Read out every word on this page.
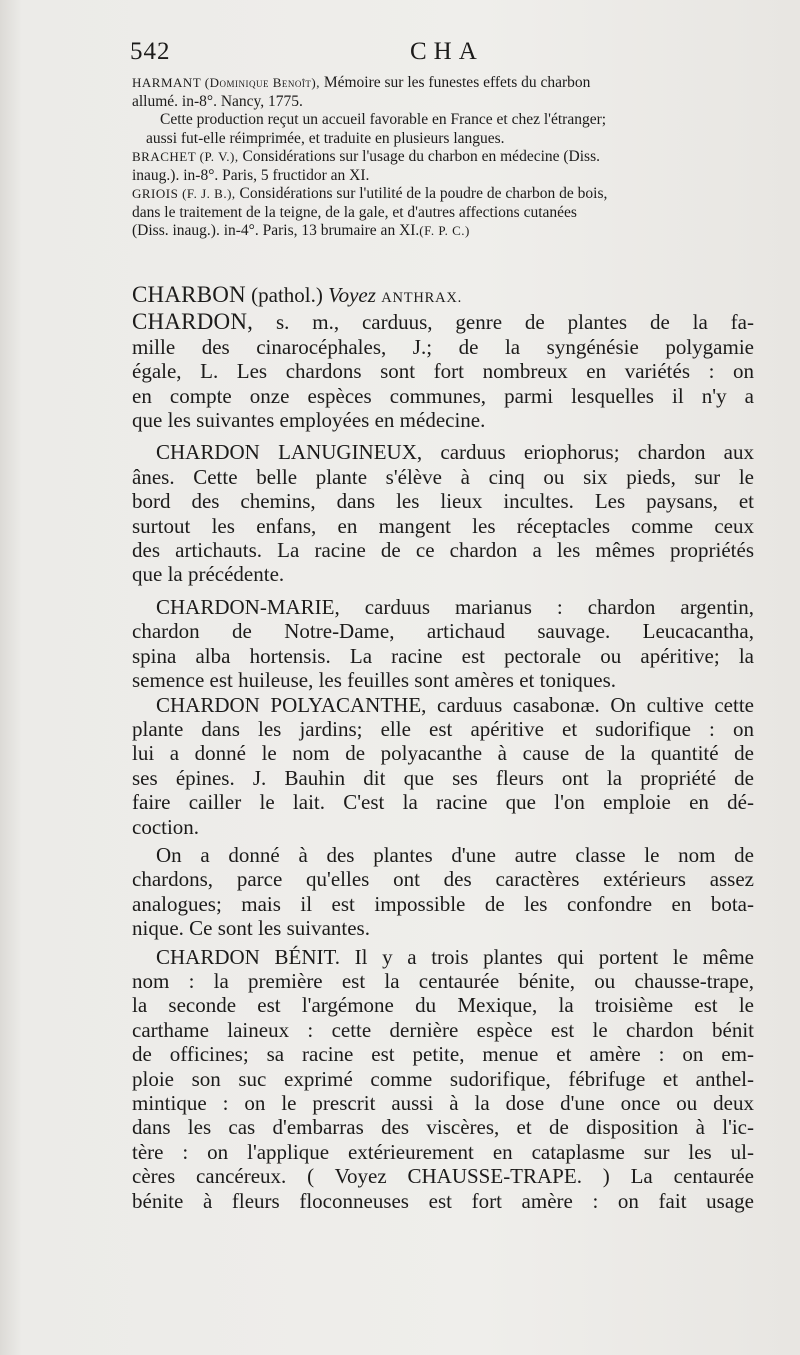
542	CHA

HARMANT (Dominique Benoît), Mémoire sur les funestes effets du charbon
allumé. in-8°. Nancy, 1775.

Cette production reçut un accueil favorable en France et chez l'étranger;
aussi fut-elle réimprimée, et traduite en plusieurs langues.

BRACHET (P. V.), Considérations sur l'usage du charbon en médecine (Diss.
inaug.). in-8°. Paris, 5 fructidor an XI.

GRIOIS (F. J. B.), Considérations sur l'utilité de la poudre de charbon de bois,
dans le traitement de la teigne, de la gale, et d'autres affections cutanées
(Diss. inaug.). in-4°. Paris, 13 brumaire an XI.(F. P. C.)

CHARBON (pathol.) Voyez ANTHRAX.

CHARDON, s. m., carduus, genre de plantes de la fa-
mille des cinarocéphales, J.; de la syngénésie polygamie
égale, L. Les chardons sont fort nombreux en variétés : on
en compte onze espèces communes, parmi lesquelles il n'y a
que les suivantes employées en médecine.

CHARDON LANUGINEUX, carduus eriophorus; chardon aux
ânes. Cette belle plante s'élève à cinq ou six pieds, sur le
bord des chemins, dans les lieux incultes. Les paysans, et
surtout les enfans, en mangent les réceptacles comme ceux
des artichauts. La racine de ce chardon a les mêmes propriétés
que la précédente.

CHARDON-MARIE, carduus marianus : chardon argentin,
chardon de Notre-Dame, artichaud sauvage. Leucacantha,
spina alba hortensis. La racine est pectorale ou apéritive; la
semence est huileuse, les feuilles sont amères et toniques.

CHARDON POLYACANTHE, carduus casabonæ. On cultive cette
plante dans les jardins; elle est apéritive et sudorifique : on
lui a donné le nom de polyacanthe à cause de la quantité de
ses épines. J. Bauhin dit que ses fleurs ont la propriété de
faire cailler le lait. C'est la racine que l'on emploie en dé-
coction.

On a donné à des plantes d'une autre classe le nom de
chardons, parce qu'elles ont des caractères extérieurs assez
analogues; mais il est impossible de les confondre en bota-
nique. Ce sont les suivantes.

CHARDON BÉNIT. Il y a trois plantes qui portent le même
nom : la première est la centaurée bénite, ou chausse-trape,
la seconde est l'argémone du Mexique, la troisième est le
carthame laineux : cette dernière espèce est le chardon bénit
de officines; sa racine est petite, menue et amère : on em-
ploie son suc exprimé comme sudorifique, fébrifuge et anthel-
mintique : on le prescrit aussi à la dose d'une once ou deux
dans les cas d'embarras des viscères, et de disposition à l'ic-
tère : on l'applique extérieurement en cataplasme sur les ul-
cères cancéreux. ( Voyez CHAUSSE-TRAPE. ) La centaurée
bénite à fleurs floconneuses est fort amère : on fait usage
